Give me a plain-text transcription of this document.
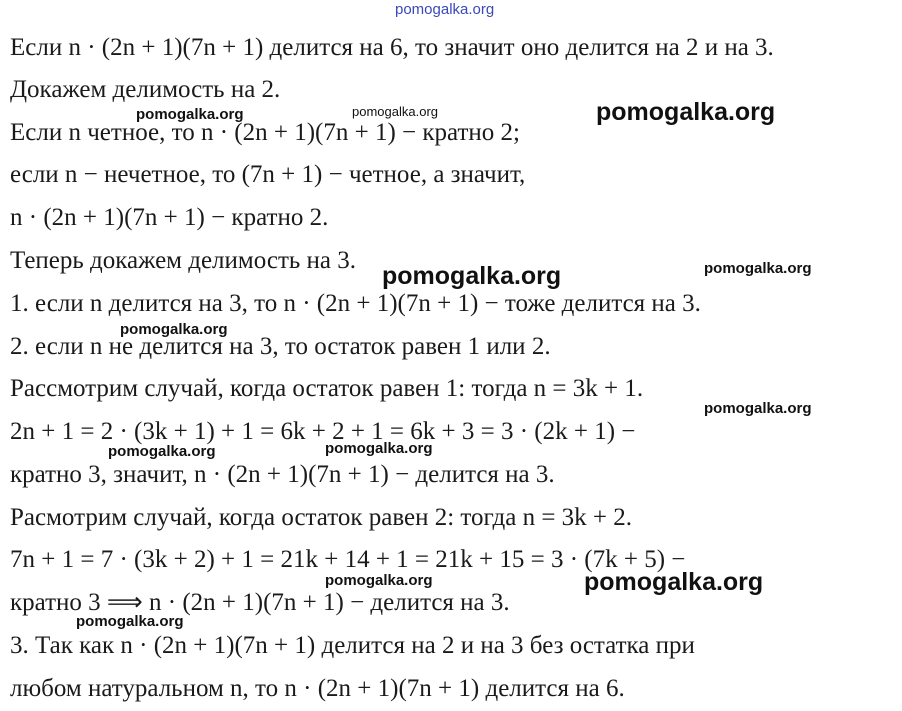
pomogalka.org
Если n · (2n + 1)(7n + 1) делится на 6, то значит оно делится на 2 и на 3.
Докажем делимость на 2.
Если n четное, то n · (2n + 1)(7n + 1) − кратно 2;
если n − нечетное, то (7n + 1) − четное, а значит,
n · (2n + 1)(7n + 1) − кратно 2.
Теперь докажем делимость на 3.
1. если n делится на 3, то n · (2n + 1)(7n + 1) − тоже делится на 3.
2. если n не делится на 3, то остаток равен 1 или 2.
Рассмотрим случай, когда остаток равен 1: тогда n = 3k + 1.
2n + 1 = 2 · (3k + 1) + 1 = 6k + 2 + 1 = 6k + 3 = 3 · (2k + 1) −
кратно 3, значит, n · (2n + 1)(7n + 1) − делится на 3.
Расмотрим случай, когда остаток равен 2: тогда n = 3k + 2.
7n + 1 = 7 · (3k + 2) + 1 = 21k + 14 + 1 = 21k + 15 = 3 · (7k + 5) −
кратно 3 ⟹ n · (2n + 1)(7n + 1) − делится на 3.
3. Так как n · (2n + 1)(7n + 1) делится на 2 и на 3 без остатка при
любом натуральном n, то n · (2n + 1)(7n + 1) делится на 6.
pomogalka.org	pomogalka.org	pomogalka.org
pomogalka.org	pomogalka.org
pomogalka.org
pomogalka.org
pomogalka.org	pomogalka.org
pomogalka.org	pomogalka.org
pomogalka.org
